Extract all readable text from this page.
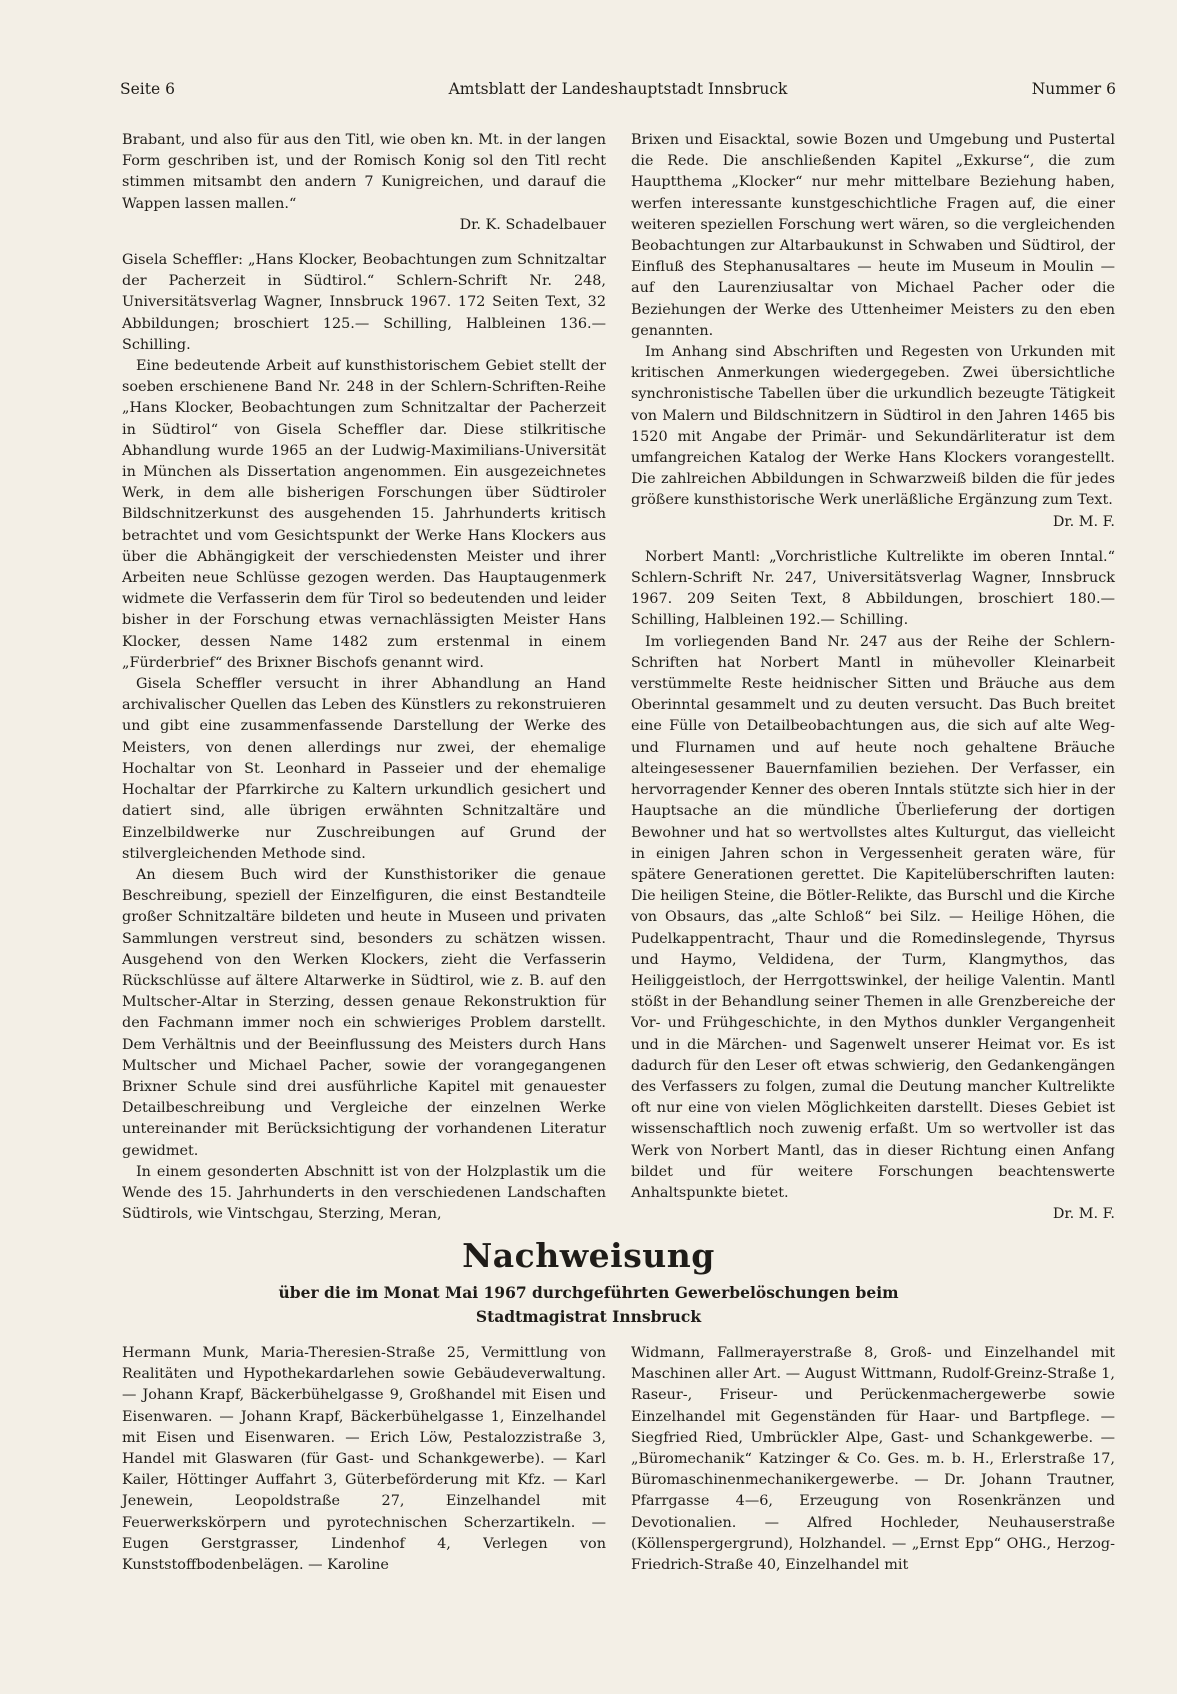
Seite 6	Amtsblatt der Landeshauptstadt Innsbruck	Nummer 6

Brabant, und also für aus den Titl, wie oben kn. Mt. in der langen Form geschriben ist, und der Romisch Konig sol den Titl recht stimmen mitsambt den andern 7 Kunigreichen, und darauf die Wappen lassen mallen.“

Dr. K. Schadelbauer

Gisela Scheffler: „Hans Klocker, Beobachtungen zum Schnitzaltar der Pacherzeit in Südtirol.“ Schlern-Schrift Nr. 248, Universitätsverlag Wagner, Innsbruck 1967. 172 Seiten Text, 32 Abbildungen; broschiert 125.— Schilling, Halbleinen 136.— Schilling.

Eine bedeutende Arbeit auf kunsthistorischem Gebiet stellt der soeben erschienene Band Nr. 248 in der Schlern-Schriften-Reihe „Hans Klocker, Beobachtungen zum Schnitzaltar der Pacherzeit in Südtirol“ von Gisela Scheffler dar. Diese stilkritische Abhandlung wurde 1965 an der Ludwig-Maximilians-Universität in München als Dissertation angenommen. Ein ausgezeichnetes Werk, in dem alle bisherigen Forschungen über Südtiroler Bildschnitzerkunst des ausgehenden 15. Jahrhunderts kritisch betrachtet und vom Gesichtspunkt der Werke Hans Klockers aus über die Abhängigkeit der verschiedensten Meister und ihrer Arbeiten neue Schlüsse gezogen werden. Das Hauptaugenmerk widmete die Verfasserin dem für Tirol so bedeutenden und leider bisher in der Forschung etwas vernachlässigten Meister Hans Klocker, dessen Name 1482 zum erstenmal in einem „Fürderbrief“ des Brixner Bischofs genannt wird.

Gisela Scheffler versucht in ihrer Abhandlung an Hand archivalischer Quellen das Leben des Künstlers zu rekonstruieren und gibt eine zusammenfassende Darstellung der Werke des Meisters, von denen allerdings nur zwei, der ehemalige Hochaltar von St. Leonhard in Passeier und der ehemalige Hochaltar der Pfarrkirche zu Kaltern urkundlich gesichert und datiert sind, alle übrigen erwähnten Schnitzaltäre und Einzelbildwerke nur Zuschreibungen auf Grund der stilvergleichenden Methode sind.

An diesem Buch wird der Kunsthistoriker die genaue Beschreibung, speziell der Einzelfiguren, die einst Bestandteile großer Schnitzaltäre bildeten und heute in Museen und privaten Sammlungen verstreut sind, besonders zu schätzen wissen. Ausgehend von den Werken Klockers, zieht die Verfasserin Rückschlüsse auf ältere Altarwerke in Südtirol, wie z. B. auf den Multscher-Altar in Sterzing, dessen genaue Rekonstruktion für den Fachmann immer noch ein schwieriges Problem darstellt. Dem Verhältnis und der Beeinflussung des Meisters durch Hans Multscher und Michael Pacher, sowie der vorangegangenen Brixner Schule sind drei ausführliche Kapitel mit genauester Detailbeschreibung und Vergleiche der einzelnen Werke untereinander mit Berücksichtigung der vorhandenen Literatur gewidmet.

In einem gesonderten Abschnitt ist von der Holzplastik um die Wende des 15. Jahrhunderts in den verschiedenen Landschaften Südtirols, wie Vintschgau, Sterzing, Meran,

Brixen und Eisacktal, sowie Bozen und Umgebung und Pustertal die Rede. Die anschließenden Kapitel „Exkurse“, die zum Hauptthema „Klocker“ nur mehr mittelbare Beziehung haben, werfen interessante kunstgeschichtliche Fragen auf, die einer weiteren speziellen Forschung wert wären, so die vergleichenden Beobachtungen zur Altarbaukunst in Schwaben und Südtirol, der Einfluß des Stephanusaltares — heute im Museum in Moulin — auf den Laurenziusaltar von Michael Pacher oder die Beziehungen der Werke des Uttenheimer Meisters zu den eben genannten.

Im Anhang sind Abschriften und Regesten von Urkunden mit kritischen Anmerkungen wiedergegeben. Zwei übersichtliche synchronistische Tabellen über die urkundlich bezeugte Tätigkeit von Malern und Bildschnitzern in Südtirol in den Jahren 1465 bis 1520 mit Angabe der Primär- und Sekundärliteratur ist dem umfangreichen Katalog der Werke Hans Klockers vorangestellt. Die zahlreichen Abbildungen in Schwarzweiß bilden die für jedes größere kunsthistorische Werk unerläßliche Ergänzung zum Text.

Dr. M. F.

Norbert Mantl: „Vorchristliche Kultrelikte im oberen Inntal.“ Schlern-Schrift Nr. 247, Universitätsverlag Wagner, Innsbruck 1967. 209 Seiten Text, 8 Abbildungen, broschiert 180.— Schilling, Halbleinen 192.— Schilling.

Im vorliegenden Band Nr. 247 aus der Reihe der Schlern-Schriften hat Norbert Mantl in mühevoller Kleinarbeit verstümmelte Reste heidnischer Sitten und Bräuche aus dem Oberinntal gesammelt und zu deuten versucht. Das Buch breitet eine Fülle von Detailbeobachtungen aus, die sich auf alte Weg- und Flurnamen und auf heute noch gehaltene Bräuche alteingesessener Bauernfamilien beziehen. Der Verfasser, ein hervorragender Kenner des oberen Inntals stützte sich hier in der Hauptsache an die mündliche Überlieferung der dortigen Bewohner und hat so wertvollstes altes Kulturgut, das vielleicht in einigen Jahren schon in Vergessenheit geraten wäre, für spätere Generationen gerettet. Die Kapitelüberschriften lauten: Die heiligen Steine, die Bötler-Relikte, das Burschl und die Kirche von Obsaurs, das „alte Schloß“ bei Silz. — Heilige Höhen, die Pudelkappentracht, Thaur und die Romedinslegende, Thyrsus und Haymo, Veldidena, der Turm, Klangmythos, das Heiliggeistloch, der Herrgottswinkel, der heilige Valentin. Mantl stößt in der Behandlung seiner Themen in alle Grenzbereiche der Vor- und Frühgeschichte, in den Mythos dunkler Vergangenheit und in die Märchen- und Sagenwelt unserer Heimat vor. Es ist dadurch für den Leser oft etwas schwierig, den Gedankengängen des Verfassers zu folgen, zumal die Deutung mancher Kultrelikte oft nur eine von vielen Möglichkeiten darstellt. Dieses Gebiet ist wissenschaftlich noch zuwenig erfaßt. Um so wertvoller ist das Werk von Norbert Mantl, das in dieser Richtung einen Anfang bildet und für weitere Forschungen beachtenswerte Anhaltspunkte bietet.

Dr. M. F.
Nachweisung
über die im Monat Mai 1967 durchgeführten Gewerbelöschungen beim
Stadtmagistrat Innsbruck

Hermann Munk, Maria-Theresien-Straße 25, Vermittlung von Realitäten und Hypothekardarlehen sowie Gebäudeverwaltung. — Johann Krapf, Bäckerbühelgasse 9, Großhandel mit Eisen und Eisenwaren. — Johann Krapf, Bäckerbühelgasse 1, Einzelhandel mit Eisen und Eisenwaren. — Erich Löw, Pestalozzistraße 3, Handel mit Glaswaren (für Gast- und Schankgewerbe). — Karl Kailer, Höttinger Auffahrt 3, Güterbeförderung mit Kfz. — Karl Jenewein, Leopoldstraße 27, Einzelhandel mit Feuerwerkskörpern und pyrotechnischen Scherzartikeln. — Eugen Gerstgrasser, Lindenhof 4, Verlegen von Kunststoffbodenbelägen. — Karoline

Widmann, Fallmerayerstraße 8, Groß- und Einzelhandel mit Maschinen aller Art. — August Wittmann, Rudolf-Greinz-Straße 1, Raseur-, Friseur- und Perückenmachergewerbe sowie Einzelhandel mit Gegenständen für Haar- und Bartpflege. — Siegfried Ried, Umbrückler Alpe, Gast- und Schankgewerbe. — „Büromechanik“ Katzinger & Co. Ges. m. b. H., Erlerstraße 17, Büromaschinenmechanikergewerbe. — Dr. Johann Trautner, Pfarrgasse 4—6, Erzeugung von Rosenkränzen und Devotionalien. — Alfred Hochleder, Neuhauserstraße (Köllenspergergrund), Holzhandel. — „Ernst Epp“ OHG., Herzog-Friedrich-Straße 40, Einzelhandel mit
